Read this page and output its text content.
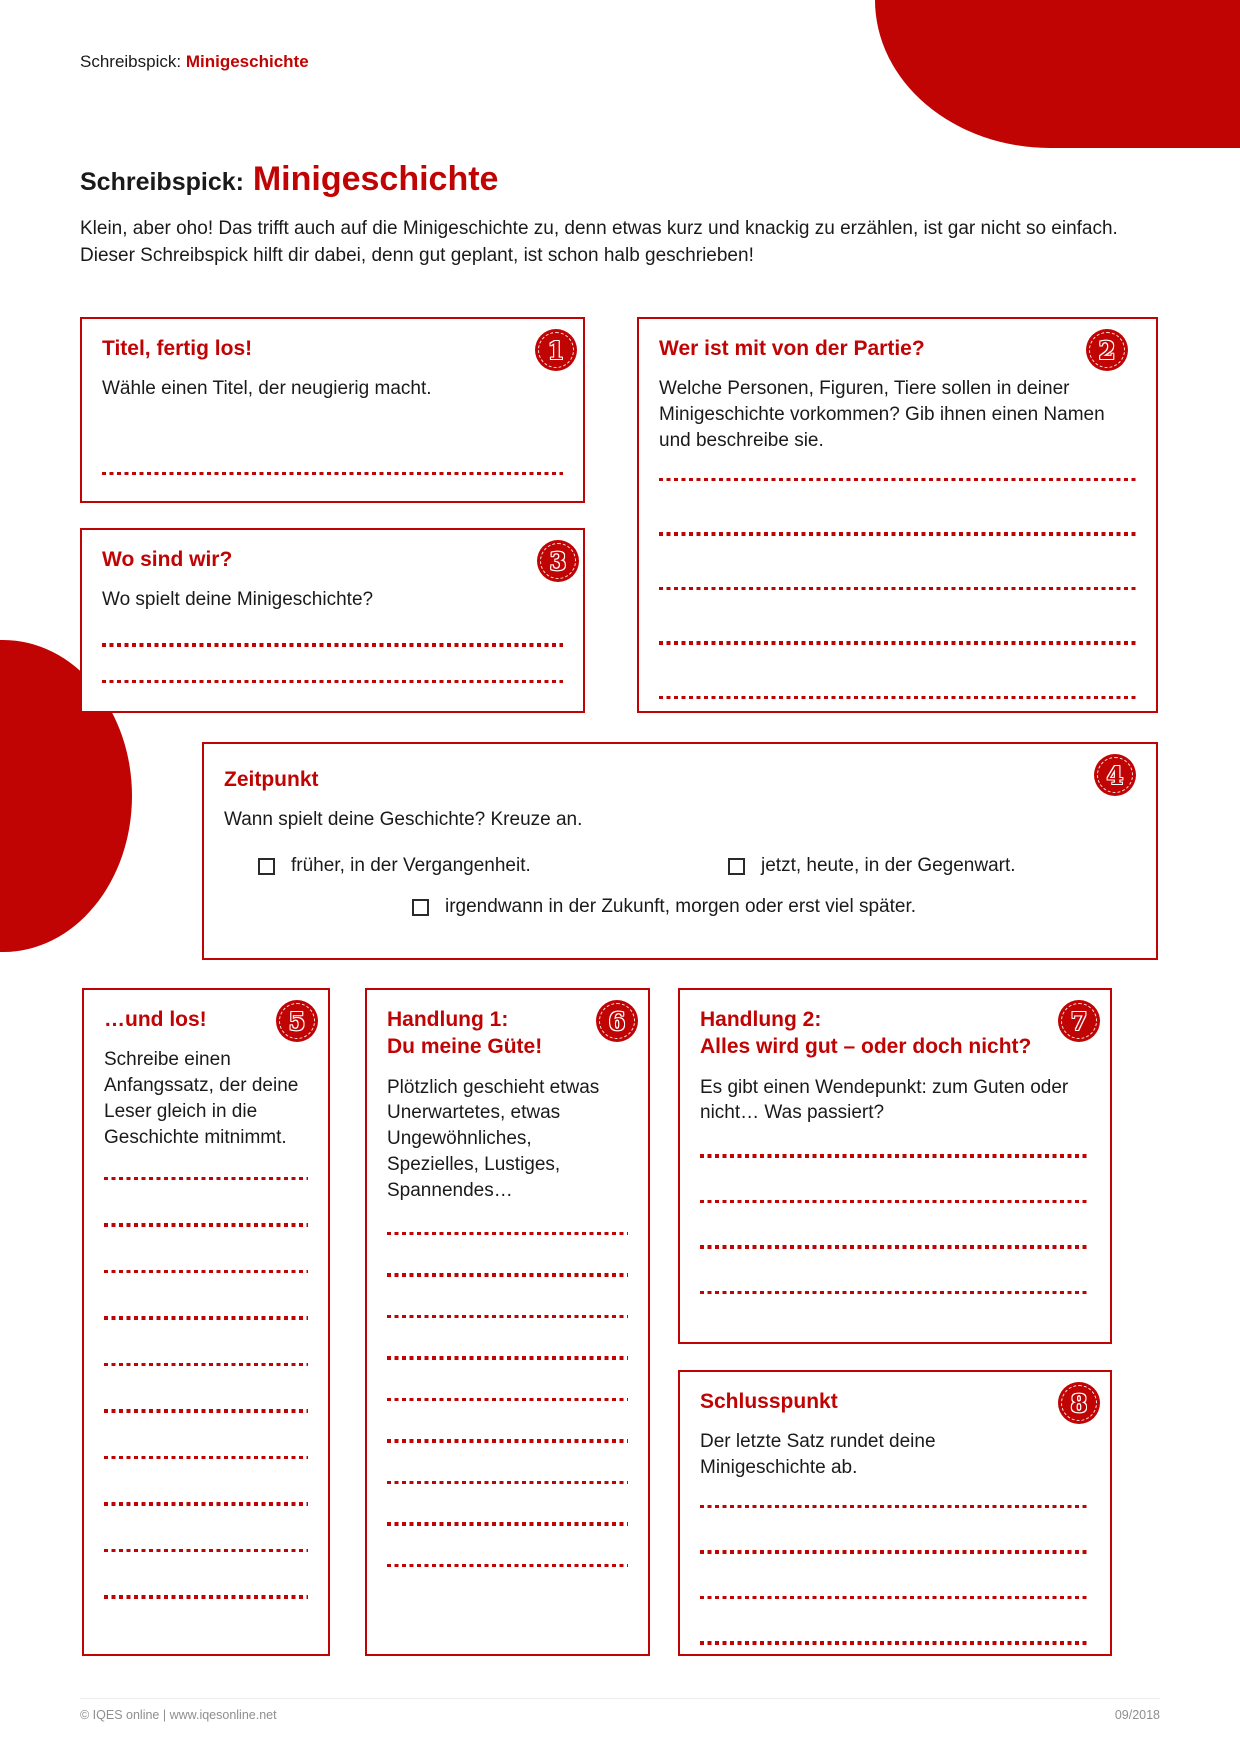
Schreibspick: Minigeschichte
Schreibspick: Minigeschichte

Klein, aber oho! Das trifft auch auf die Minigeschichte zu, denn etwas kurz und knackig zu erzählen, ist gar nicht so einfach. Dieser Schreibspick hilft dir dabei, denn gut geplant, ist schon halb geschrieben!

1
Titel, fertig los!

Wähle einen Titel, der neugierig macht.

2
Wer ist mit von der Partie?

Welche Personen, Figuren, Tiere sollen in deiner Minigeschichte vorkommen? Gib ihnen einen Namen und beschreibe sie.

3
Wo sind wir?

Wo spielt deine Minigeschichte?

4
Zeitpunkt

Wann spielt deine Geschichte? Kreuze an.

früher, in der Vergangenheit.	jetzt, heute, in der Gegenwart.
irgendwann in der Zukunft, morgen oder erst viel später.
5
…und los!

Schreibe einen Anfangssatz, der deine Leser gleich in die Geschichte mitnimmt.

6
Handlung 1:
Du meine Güte!

Plötzlich geschieht etwas Unerwartetes, etwas Ungewöhnliches, Spezielles, Lustiges, Spannendes…

7
Handlung 2:
Alles wird gut – oder doch nicht?

Es gibt einen Wendepunkt: zum Guten oder nicht… Was passiert?

8
Schlusspunkt

Der letzte Satz rundet deine Minigeschichte ab.

© IQES online | www.iqesonline.net	09/2018
